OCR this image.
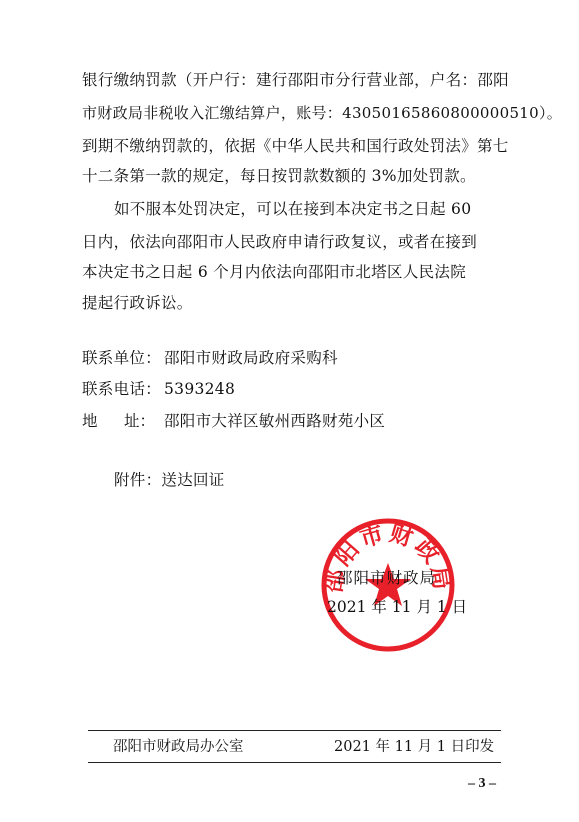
银 行 缴 纳 罚 款 （ 开 户 行 ： 建 行 邵 阳 市 分 行 营 业 部 ， 户 名 ： 邵 阳
市财政局非税收入汇缴结算户，账号：43050165860800000510）。
到期不缴纳罚款的，依据《中华人民共和国行政处罚法》第七
十二条第一款的规定，每日按罚款数额的 3%加处罚款。
如不服本处罚决定，可以在接到本决定书之日起 60
日内，依法向邵阳市人民政府申请行政复议，或者在接到
本决定书之日起 6 个月内依法向邵阳市北塔区人民法院
提起行政诉讼。
联系单位： 邵阳市财政局政府采购科
联系电话： 5393248
地 址： 邵阳市大祥区敏州西路财苑小区
附件：送达回证
邵阳市财政局
邵阳市财政局
2021 年 11 月 1 日
邵阳市财政局办公室	2021 年 11 月 1 日印发
– 3 –
